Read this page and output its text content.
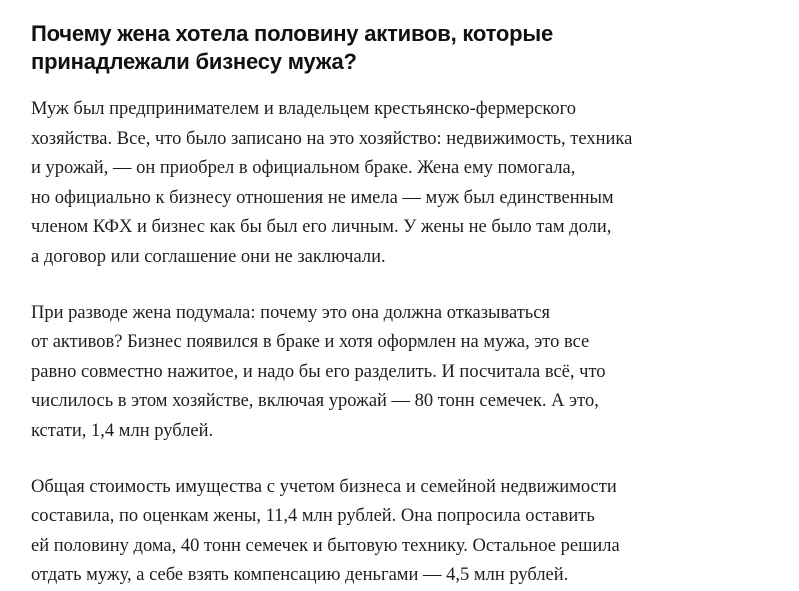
Почему жена хотела половину активов, которые
принадлежали бизнесу мужа?

Муж был предпринимателем и владельцем крестьянско-фермерского
хозяйства. Все, что было записано на это хозяйство: недвижимость, техника
и урожай, — он приобрел в официальном браке. Жена ему помогала,
но официально к бизнесу отношения не имела — муж был единственным
членом КФХ и бизнес как бы был его личным. У жены не было там доли,
а договор или соглашение они не заключали.

При разводе жена подумала: почему это она должна отказываться
от активов? Бизнес появился в браке и хотя оформлен на мужа, это все
равно совместно нажитое, и надо бы его разделить. И посчитала всё, что
числилось в этом хозяйстве, включая урожай — 80 тонн семечек. А это,
кстати, 1,4 млн рублей.

Общая стоимость имущества с учетом бизнеса и семейной недвижимости
составила, по оценкам жены, 11,4 млн рублей. Она попросила оставить
ей половину дома, 40 тонн семечек и бытовую технику. Остальное решила
отдать мужу, а себе взять компенсацию деньгами — 4,5 млн рублей.
